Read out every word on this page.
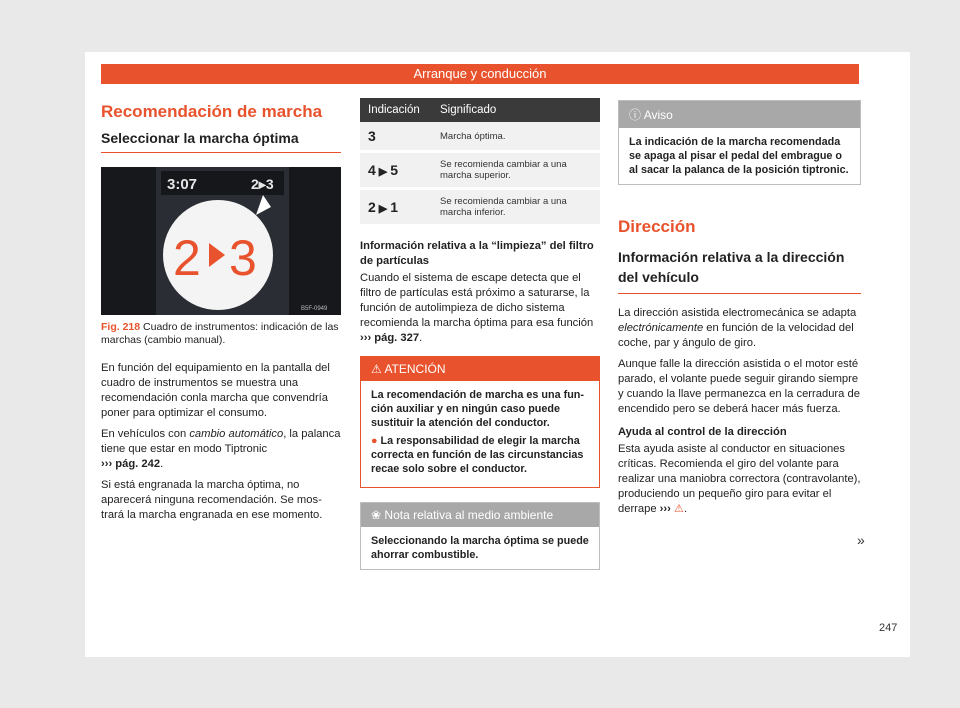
Arranque y conducción
Recomendación de marcha
Seleccionar la marcha óptima
3:07	2▸3
2 3
B5F-0949
Fig. 218 Cuadro de instrumentos: indicación de las marchas (cambio manual).

En función del equipamiento en la pantalla del cuadro de instrumentos se muestra una recomendación conla marcha que convendría poner para optimizar el consumo.

En vehículos con cambio automático, la palanca tiene que estar en modo Tiptronic
››› pág. 242.

Si está engranada la marcha óptima, no aparecerá ninguna recomendación. Se mostrará la marcha engranada en ese momento.

Indicación	Significado
3	Marcha óptima.
4 ▶ 5	Se recomienda cambiar a una marcha superior.
2 ▶ 1	Se recomienda cambiar a una marcha inferior.

Información relativa a la “limpieza” del filtro de partículas

Cuando el sistema de escape detecta que el filtro de partículas está próximo a saturarse, la función de autolimpieza de dicho sistema recomienda la marcha óptima para esa función ››› pág. 327.

⚠ ATENCIÓN

La recomendación de marcha es una función auxiliar y en ningún caso puede sustituir la atención del conductor.

● La responsabilidad de elegir la marcha correcta en función de las circunstancias recae solo sobre el conductor.

❀ Nota relativa al medio ambiente
Seleccionando la marcha óptima se puede ahorrar combustible.
ⓘ Aviso
La indicación de la marcha recomendada se apaga al pisar el pedal del embrague o al sacar la palanca de la posición tiptronic.
Dirección
Información relativa a la dirección del vehículo

La dirección asistida electromecánica se adapta electrónicamente en función de la velocidad del coche, par y ángulo de giro.

Aunque falle la dirección asistida o el motor esté parado, el volante puede seguir girando siempre y cuando la llave permanezca en la cerradura de encendido pero se deberá hacer más fuerza.

Ayuda al control de la dirección

Esta ayuda asiste al conductor en situaciones críticas. Recomienda el giro del volante para realizar una maniobra correctora (contravolante), produciendo un pequeño giro para evitar el derrape ››› ⚠.

»
247
